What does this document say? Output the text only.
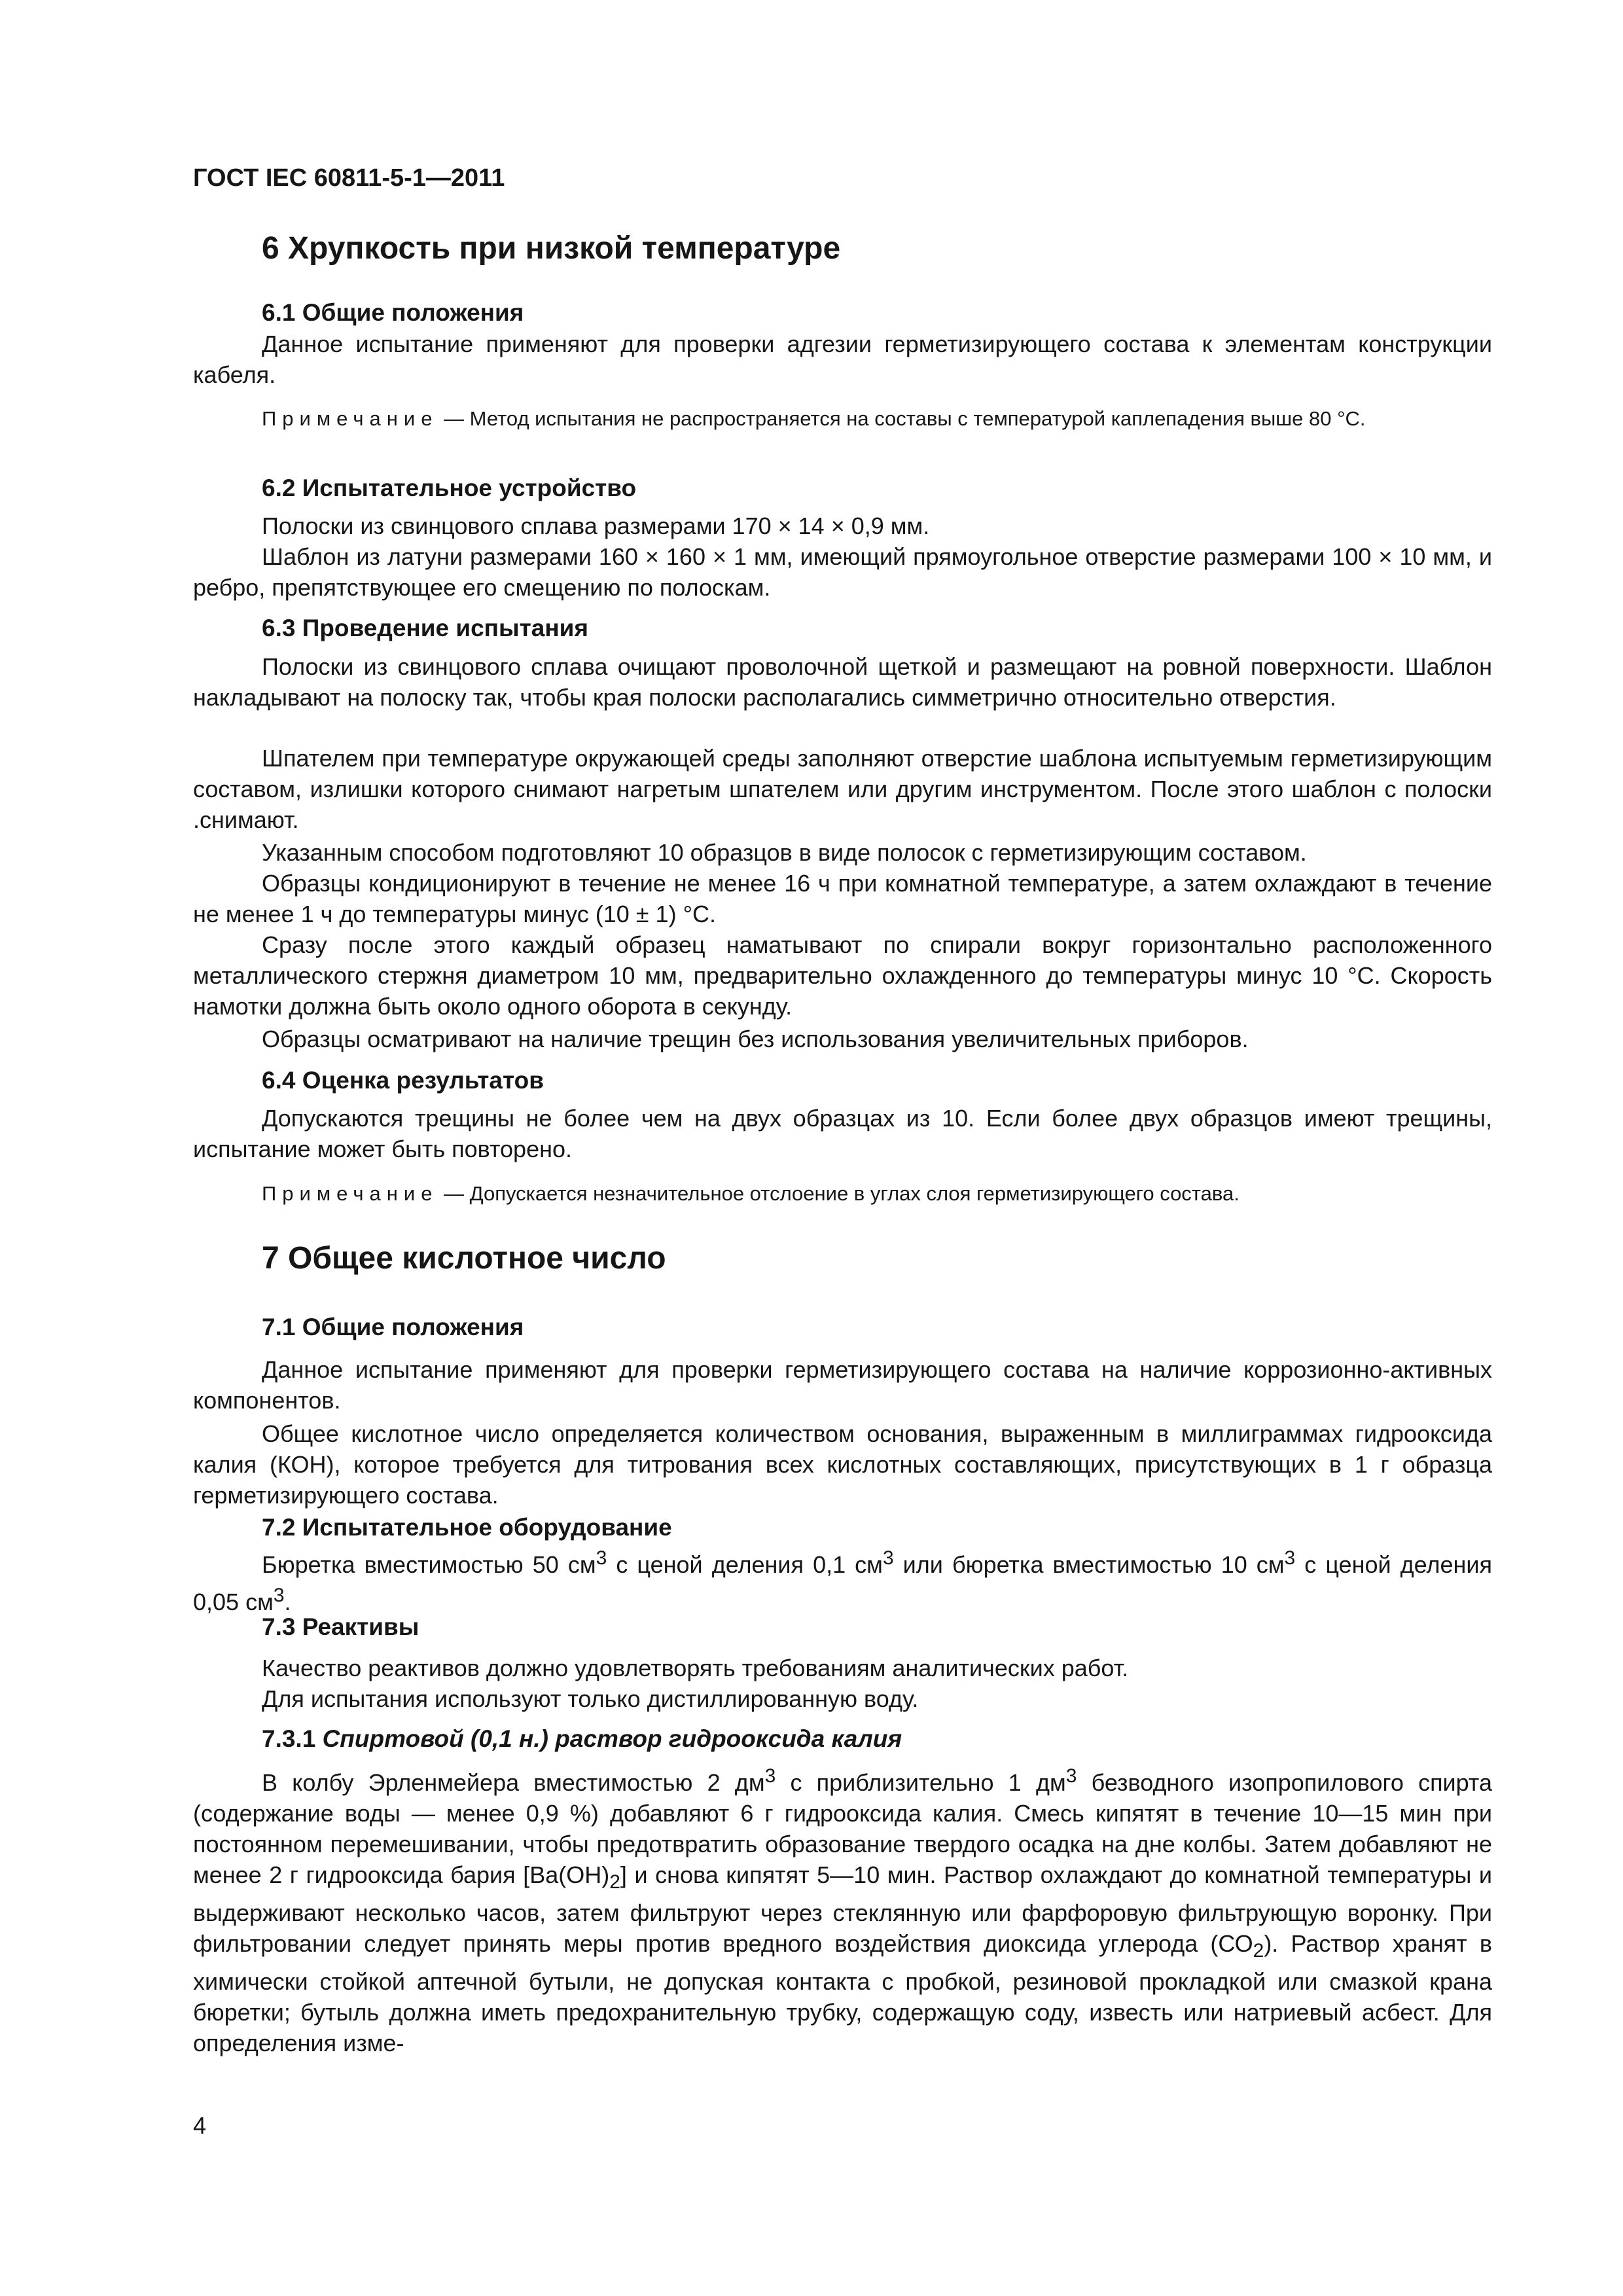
ГОСТ IEC 60811-5-1—2011

6 Хрупкость при низкой температуре
6.1 Общие положения

Данное испытание применяют для проверки адгезии герметизирующего состава к элементам конструкции кабеля.

Примечание — Метод испытания не распространяется на составы с температурой каплепадения выше 80 °С.

6.2 Испытательное устройство

Полоски из свинцового сплава размерами 170 × 14 × 0,9 мм.

Шаблон из латуни размерами 160 × 160 × 1 мм, имеющий прямоугольное отверстие размерами 100 × 10 мм, и ребро, препятствующее его смещению по полоскам.

6.3 Проведение испытания

Полоски из свинцового сплава очищают проволочной щеткой и размещают на ровной поверхности. Шаблон накладывают на полоску так, чтобы края полоски располагались симметрично относительно отверстия.

Шпателем при температуре окружающей среды заполняют отверстие шаблона испытуемым герметизирующим составом, излишки которого снимают нагретым шпателем или другим инструментом. После этого шаблон с полоски .снимают.

Указанным способом подготовляют 10 образцов в виде полосок с герметизирующим составом.

Образцы кондиционируют в течение не менее 16 ч при комнатной температуре, а затем охлаждают в течение не менее 1 ч до температуры минус (10 ± 1) °С.

Сразу после этого каждый образец наматывают по спирали вокруг горизонтально расположенного металлического стержня диаметром 10 мм, предварительно охлажденного до температуры минус 10 °С. Скорость намотки должна быть около одного оборота в секунду.

Образцы осматривают на наличие трещин без использования увеличительных приборов.

6.4 Оценка результатов

Допускаются трещины не более чем на двух образцах из 10. Если более двух образцов имеют трещины, испытание может быть повторено.

Примечание — Допускается незначительное отслоение в углах слоя герметизирующего состава.

7 Общее кислотное число
7.1 Общие положения

Данное испытание применяют для проверки герметизирующего состава на наличие коррозионно-активных компонентов.

Общее кислотное число определяется количеством основания, выраженным в миллиграммах гидроокcида калия (КОН), которое требуется для титрования всех кислотных составляющих, присутствующих в 1 г образца герметизирующего состава.

7.2 Испытательное оборудование

Бюретка вместимостью 50 $см^3$ с ценой деления 0,1 $см^3$ или бюретка вместимостью 10 $см^3$ с ценой деления 0,05 $см^3$.

7.3 Реактивы

Качество реактивов должно удовлетворять требованиям аналитических работ.

Для испытания используют только дистиллированную воду.

7.3.1 Спиртовой (0,1 н.) раствор гидроокcида калия

В колбу Эрленмейера вместимостью 2 $дм^3$ с приблизительно 1 $дм^3$ безводного изопропилового спирта (содержание воды — менее 0,9 %) добавляют 6 г гидроокcида калия. Смесь кипятят в течение 10—15 мин при постоянном перемешивании, чтобы предотвратить образование твердого осадка на дне колбы. Затем добавляют не менее 2 г гидроокcида бария $[Ba(OH)_2]$ и снова кипятят 5—10 мин. Раствор охлаждают до комнатной температуры и выдерживают несколько часов, затем фильтруют через стеклянную или фарфоровую фильтрующую воронку. При фильтровании следует принять меры против вредного воздействия диоксида углерода $(СО_2)$. Раствор хранят в химически стойкой аптечной бутыли, не допуская контакта с пробкой, резиновой прокладкой или смазкой крана бюретки; бутыль должна иметь предохранительную трубку, содержащую соду, известь или натриевый асбест. Для определения изме-

4
